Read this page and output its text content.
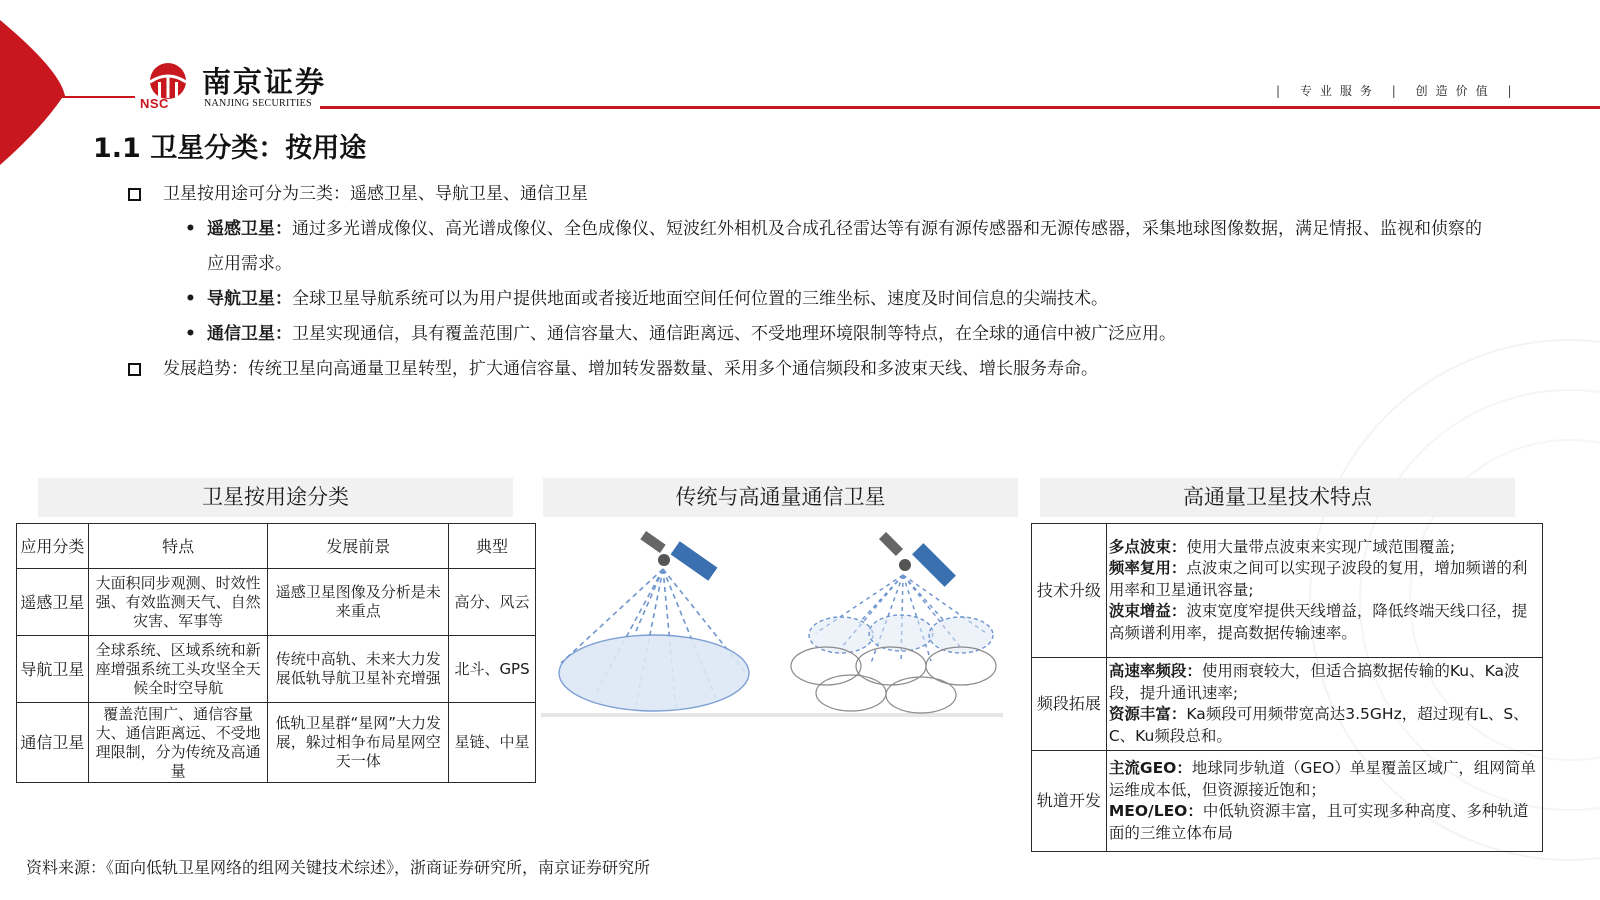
NSC
南京证券
NANJING SECURITIES
| 专业服务 | 创造价值 |
1.1 卫星分类：按用途
卫星按用途可分为三类：遥感卫星、导航卫星、通信卫星
• 遥感卫星：通过多光谱成像仪、高光谱成像仪、全色成像仪、短波红外相机及合成孔径雷达等有源有源传感器和无源传感器，采集地球图像数据，满足情报、监视和侦察的应用需求。
• 导航卫星：全球卫星导航系统可以为用户提供地面或者接近地面空间任何位置的三维坐标、速度及时间信息的尖端技术。
• 通信卫星：卫星实现通信，具有覆盖范围广、通信容量大、通信距离远、不受地理环境限制等特点，在全球的通信中被广泛应用。
发展趋势：传统卫星向高通量卫星转型，扩大通信容量、增加转发器数量、采用多个通信频段和多波束天线、增长服务寿命。
卫星按用途分类	传统与高通量通信卫星	高通量卫星技术特点
应用分类	特点	发展前景	典型
遥感卫星	大面积同步观测、时效性强、有效监测天气、自然灾害、军事等	遥感卫星图像及分析是未来重点	高分、风云
导航卫星	全球系统、区域系统和新座增强系统工头攻坚全天候全时空导航	传统中高轨、未来大力发展低轨导航卫星补充增强	北斗、GPS
通信卫星	覆盖范围广、通信容量大、通信距离远、不受地理限制，分为传统及高通量	低轨卫星群“星网”大力发展，躲过相争布局星网空天一体	星链、中星
技术升级	多点波束：使用大量带点波束来实现广域范围覆盖;
频率复用：点波束之间可以实现子波段的复用，增加频谱的利用率和卫星通讯容量;
波束增益：波束宽度窄提供天线增益，降低终端天线口径，提高频谱利用率，提高数据传输速率。

频段拓展	高速率频段：使用雨衰较大，但适合搞数据传输的Ku、Ka波段，提升通讯速率;
资源丰富：Ka频段可用频带宽高达3.5GHz，超过现有L、S、C、Ku频段总和。

轨道开发	主流GEO：地球同步轨道（GEO）单星覆盖区域广，组网简单运维成本低，但资源接近饱和；
MEO/LEO：中低轨资源丰富，且可实现多种高度、多种轨道面的三维立体布局
资料来源：《面向低轨卫星网络的组网关键技术综述》，浙商证券研究所，南京证券研究所
